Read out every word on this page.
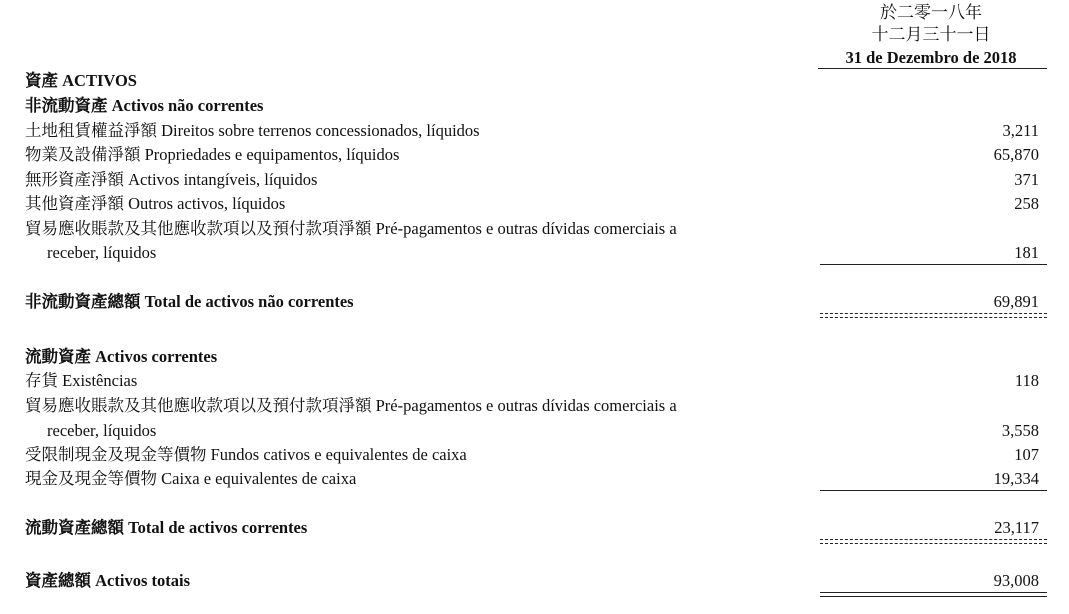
於二零一八年
十二月三十一日
31 de Dezembro de 2018
資產 ACTIVOS
非流動資產 Activos não correntes
土地租賃權益淨額 Direitos sobre terrenos concessionados, líquidos	3,211
物業及設備淨額 Propriedades e equipamentos, líquidos	65,870
無形資產淨額 Activos intangíveis, líquidos	371
其他資產淨額 Outros activos, líquidos	258
貿易應收賬款及其他應收款項以及預付款項淨額 Pré-pagamentos e outras dívidas comerciais a
receber, líquidos	181
非流動資產總額 Total de activos não correntes	69,891
流動資產 Activos correntes
存貨 Existências	118
貿易應收賬款及其他應收款項以及預付款項淨額 Pré-pagamentos e outras dívidas comerciais a
receber, líquidos	3,558
受限制現金及現金等價物 Fundos cativos e equivalentes de caixa	107
現金及現金等價物 Caixa e equivalentes de caixa	19,334
流動資產總額 Total de activos correntes	23,117
資產總額 Activos totais	93,008
